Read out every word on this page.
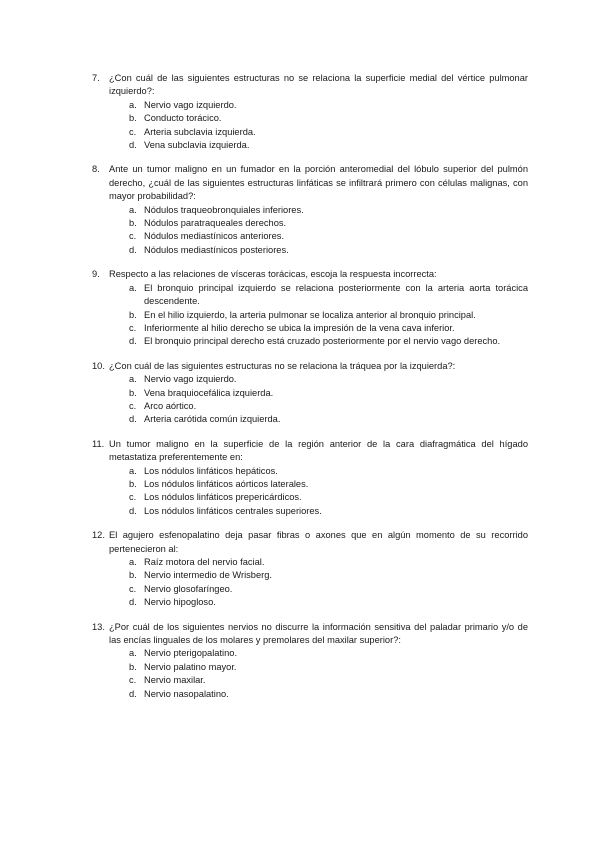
7. ¿Con cuál de las siguientes estructuras no se relaciona la superficie medial del vértice pulmonar izquierdo?:
a. Nervio vago izquierdo.
b. Conducto torácico.
c. Arteria subclavia izquierda.
d. Vena subclavia izquierda.
8. Ante un tumor maligno en un fumador en la porción anteromedial del lóbulo superior del pulmón derecho, ¿cuál de las siguientes estructuras linfáticas se infiltrará primero con células malignas, con mayor probabilidad?:
a. Nódulos traqueobronquiales inferiores.
b. Nódulos paratraqueales derechos.
c. Nódulos mediastínicos anteriores.
d. Nódulos mediastínicos posteriores.
9. Respecto a las relaciones de vísceras torácicas, escoja la respuesta incorrecta:
a. El bronquio principal izquierdo se relaciona posteriormente con la arteria aorta torácica descendente.
b. En el hilio izquierdo, la arteria pulmonar se localiza anterior al bronquio principal.
c. Inferiormente al hilio derecho se ubica la impresión de la vena cava inferior.
d. El bronquio principal derecho está cruzado posteriormente por el nervio vago derecho.
10. ¿Con cuál de las siguientes estructuras no se relaciona la tráquea por la izquierda?:
a. Nervio vago izquierdo.
b. Vena braquiocefálica izquierda.
c. Arco aórtico.
d. Arteria carótida común izquierda.
11. Un tumor maligno en la superficie de la región anterior de la cara diafragmática del hígado metastatiza preferentemente en:
a. Los nódulos linfáticos hepáticos.
b. Los nódulos linfáticos aórticos laterales.
c. Los nódulos linfáticos prepericárdicos.
d. Los nódulos linfáticos centrales superiores.
12. El agujero esfenopalatino deja pasar fibras o axones que en algún momento de su recorrido pertenecieron al:
a. Raíz motora del nervio facial.
b. Nervio intermedio de Wrisberg.
c. Nervio glosofaríngeo.
d. Nervio hipogloso.
13. ¿Por cuál de los siguientes nervios no discurre la información sensitiva del paladar primario y/o de las encías linguales de los molares y premolares del maxilar superior?:
a. Nervio pterigopalatino.
b. Nervio palatino mayor.
c. Nervio maxilar.
d. Nervio nasopalatino.
